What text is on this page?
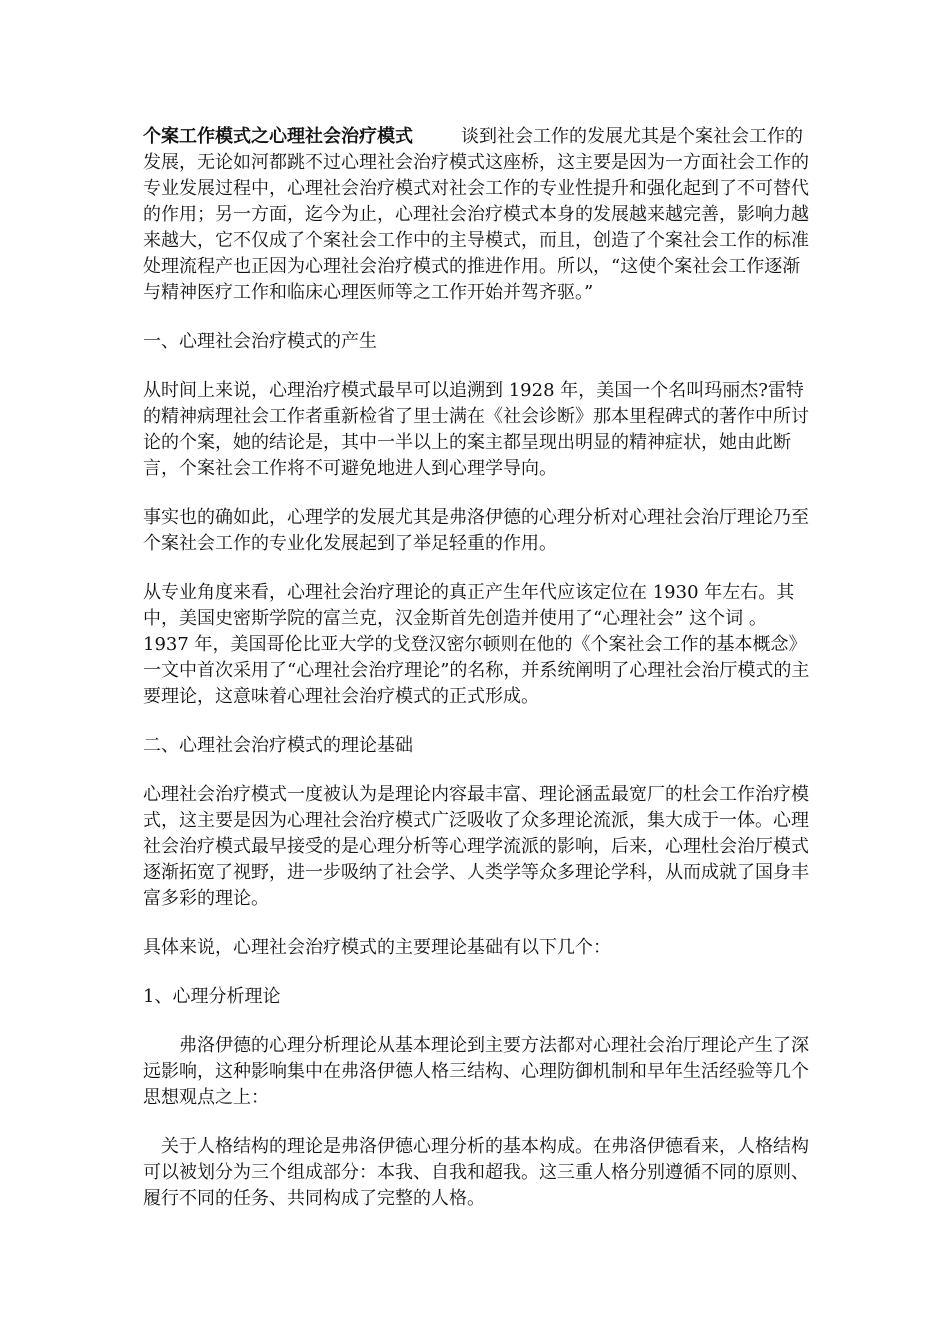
个案工作模式之心理社会治疗模式	谈到社会工作的发展尤其是个案社会工作的发展，无论如河都跳不过心理社会治疗模式这座桥，这主要是因为一方面社会工作的专业发展过程中，心理社会治疗模式对社会工作的专业性提升和强化起到了不可替代的作用；另一方面，迄今为止，心理社会治疗模式本身的发展越来越完善，影响力越来越大，它不仅成了个案社会工作中的主导模式，而且，创造了个案社会工作的标准处理流程产也正因为心理社会治疗模式的推进作用。所以，“这使个案社会工作逐渐与精神医疗工作和临床心理医师等之工作开始并驾齐驱。”

一、心理社会治疗模式的产生

从时间上来说，心理治疗模式最早可以追溯到 1928 年，美国一个名叫玛丽杰?雷特的精神病理社会工作者重新检省了里士满在《社会诊断》那本里程碑式的著作中所讨论的个案，她的结论是，其中一半以上的案主都呈现出明显的精神症状，她由此断言，个案社会工作将不可避免地进人到心理学导向。

事实也的确如此，心理学的发展尤其是弗洛伊德的心理分析对心理社会治厅理论乃至个案社会工作的专业化发展起到了举足轻重的作用。

从专业角度来看，心理社会治疗理论的真正产生年代应该定位在 1930 年左右。其中，美国史密斯学院的富兰克，汉金斯首先创造并使用了“心理社会” 这个词 。1937 年，美国哥伦比亚大学的戈登汉密尔顿则在他的《个案社会工作的基本概念》一文中首次采用了“心理社会治疗理论”的名称，并系统阐明了心理社会治厅模式的主要理论，这意味着心理社会治疗模式的正式形成。

二、心理社会治疗模式的理论基础

心理社会治疗模式一度被认为是理论内容最丰富、理论涵盂最宽厂的杜会工作治疗模式，这主要是因为心理社会治疗模式广泛吸收了众多理论流派，集大成于一体。心理社会治疗模式最早接受的是心理分析等心理学流派的影响，后来，心理杜会治厅模式逐渐拓宽了视野，进一步吸纳了社会学、人类学等众多理论学科，从而成就了国身丰富多彩的理论。

具体来说，心理社会治疗模式的主要理论基础有以下几个：

1、心理分析理论

弗洛伊德的心理分析理论从基本理论到主要方法都对心理社会治厅理论产生了深远影响，这种影响集中在弗洛伊德人格三结构、心理防御机制和早年生活经验等几个思想观点之上：

关于人格结构的理论是弗洛伊德心理分析的基本构成。在弗洛伊德看来，人格结构可以被划分为三个组成部分：本我、自我和超我。这三重人格分别遵循不同的原则、履行不同的任务、共同构成了完整的人格。
